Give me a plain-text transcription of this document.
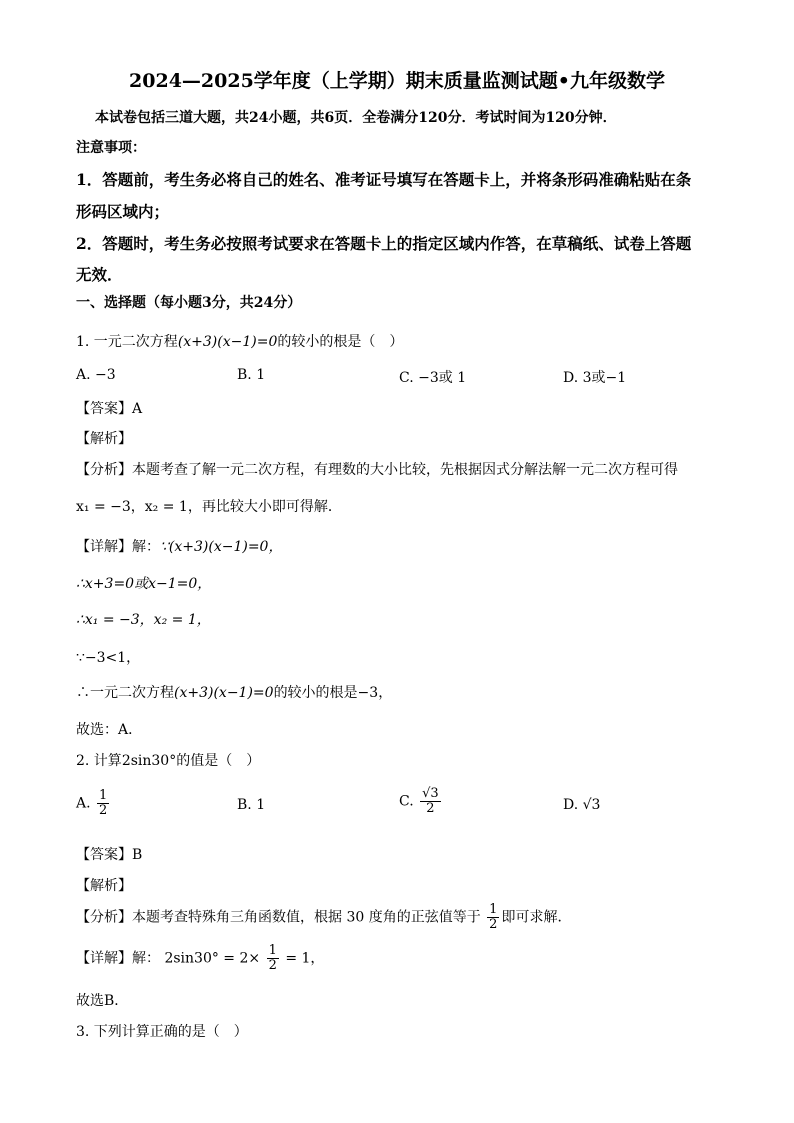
2024—2025学年度（上学期）期末质量监测试题•九年级数学
本试卷包括三道大题，共24小题，共6页．全卷满分120分．考试时间为120分钟．
注意事项：
1．答题前，考生务必将自己的姓名、准考证号填写在答题卡上，并将条形码准确粘贴在条
形码区域内；
2．答题时，考生务必按照考试要求在答题卡上的指定区域内作答，在草稿纸、试卷上答题
无效．
一、选择题（每小题3分，共24分）
1. 一元二次方程(x+3)(x−1)=0的较小的根是（　）
A. −3	B. 1	C. −3或 1	D. 3或−1
【答案】A
【解析】
【分析】本题考查了解一元二次方程，有理数的大小比较，先根据因式分解法解一元二次方程可得
x₁ = −3，x₂ = 1，再比较大小即可得解．
【详解】解：∵(x+3)(x−1)=0，
∴x+3=0或x−1=0，
∴x₁ = −3，x₂ = 1，
∵−3<1，
∴一元二次方程(x+3)(x−1)=0的较小的根是−3，
故选：A．
2. 计算2sin30°的值是（　）
A. $\frac{1}{2}$	B. 1	C. $\frac{√3}{2}$	D. √3
【答案】B
【解析】
【分析】本题考查特殊角三角函数值，根据 30 度角的正弦值等于 $\frac{1}{2}$ 即可求解．
【详解】解： $2\sin 30^\circ = 2\times \frac{1}{2} = 1$，
故选B．
3. 下列计算正确的是（　）
